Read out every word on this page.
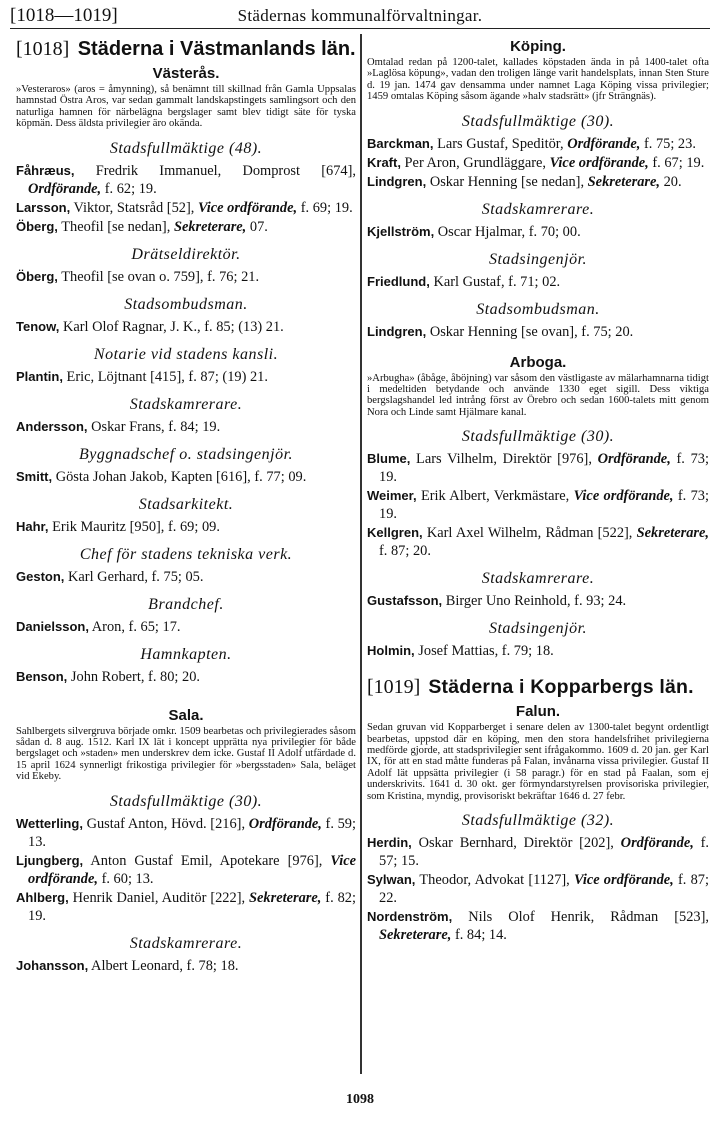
[1018—1019]	Städernas kommunalförvaltningar.
[1018] Städerna i Västmanlands län.
Västerås.
»Vesteraros» (aros = åmynning), så benämnt till skillnad från Gamla Uppsalas hamnstad Östra Aros, var sedan gammalt landskapstingets samlingsort och den naturliga hamnen för närbelägna bergslager samt blev tidigt säte för tyska köpmän. Dess äldsta privilegier äro okända.
Stadsfullmäktige (48).
Fåhræus, Fredrik Immanuel, Domprost [674], Ordförande, f. 62; 19.
Larsson, Viktor, Statsråd [52], Vice ordförande, f. 69; 19.
Öberg, Theofil [se nedan], Sekreterare, 07.
Drätseldirektör.
Öberg, Theofil [se ovan o. 759], f. 76; 21.
Stadsombudsman.
Tenow, Karl Olof Ragnar, J. K., f. 85; (13) 21.
Notarie vid stadens kansli.
Plantin, Eric, Löjtnant [415], f. 87; (19) 21.
Stadskamrerare.
Andersson, Oskar Frans, f. 84; 19.
Byggnadschef o. stadsingenjör.
Smitt, Gösta Johan Jakob, Kapten [616], f. 77; 09.
Stadsarkitekt.
Hahr, Erik Mauritz [950], f. 69; 09.
Chef för stadens tekniska verk.
Geston, Karl Gerhard, f. 75; 05.
Brandchef.
Danielsson, Aron, f. 65; 17.
Hamnkapten.
Benson, John Robert, f. 80; 20.
Sala.
Sahlbergets silvergruva började omkr. 1509 bearbetas och privilegierades såsom sådan d. 8 aug. 1512. Karl IX lät i koncept upprätta nya privilegier för både bergslaget och »staden» men underskrev dem icke. Gustaf II Adolf utfärdade d. 15 april 1624 synnerligt frikostiga privilegier för »bergsstaden» Sala, beläget vid Ekeby.
Stadsfullmäktige (30).
Wetterling, Gustaf Anton, Hövd. [216], Ordförande, f. 59; 13.
Ljungberg, Anton Gustaf Emil, Apotekare [976], Vice ordförande, f. 60; 13.
Ahlberg, Henrik Daniel, Auditör [222], Sekreterare, f. 82; 19.
Stadskamrerare.
Johansson, Albert Leonard, f. 78; 18.
Köping.
Omtalad redan på 1200-talet, kallades köpstaden ända in på 1400-talet ofta »Laglösa köpung», vadan den troligen länge varit handelsplats, innan Sten Sture d. 19 jan. 1474 gav densamma under namnet Laga Köping vissa privilegier; 1459 omtalas Köping såsom ägande »halv stadsrätt» (jfr Strängnäs).
Stadsfullmäktige (30).
Barckman, Lars Gustaf, Speditör, Ordförande, f. 75; 23.
Kraft, Per Aron, Grundläggare, Vice ordförande, f. 67; 19.
Lindgren, Oskar Henning [se nedan], Sekreterare, 20.
Stadskamrerare.
Kjellström, Oscar Hjalmar, f. 70; 00.
Stadsingenjör.
Friedlund, Karl Gustaf, f. 71; 02.
Stadsombudsman.
Lindgren, Oskar Henning [se ovan], f. 75; 20.
Arboga.
»Arbugha» (åbåge, åböjning) var såsom den västligaste av mälarhamnarna tidigt i medeltiden betydande och använde 1330 eget sigill. Dess viktiga bergslagshandel led intrång först av Örebro och sedan 1600-talets mitt genom Nora och Linde samt Hjälmare kanal.
Stadsfullmäktige (30).
Blume, Lars Vilhelm, Direktör [976], Ordförande, f. 73; 19.
Weimer, Erik Albert, Verkmästare, Vice ordförande, f. 73; 19.
Kellgren, Karl Axel Wilhelm, Rådman [522], Sekreterare, f. 87; 20.
Stadskamrerare.
Gustafsson, Birger Uno Reinhold, f. 93; 24.
Stadsingenjör.
Holmin, Josef Mattias, f. 79; 18.
[1019] Städerna i Kopparbergs län.
Falun.
Sedan gruvan vid Kopparberget i senare delen av 1300-talet begynt ordentligt bearbetas, uppstod där en köping, men den stora handelsfrihet privilegierna medförde gjorde, att stadsprivilegier sent ifrågakommo. 1609 d. 20 jan. ger Karl IX, för att en stad måtte funderas på Falan, invånarna vissa privilegier. Gustaf II Adolf lät uppsätta privilegier (i 58 paragr.) för en stad på Faalan, som ej underskrivits. 1641 d. 30 okt. ger förmyndarstyrelsen provisoriska privilegier, som Kristina, myndig, provisoriskt bekräftar 1646 d. 27 febr.
Stadsfullmäktige (32).
Herdin, Oskar Bernhard, Direktör [202], Ordförande, f. 57; 15.
Sylwan, Theodor, Advokat [1127], Vice ordförande, f. 87; 22.
Nordenström, Nils Olof Henrik, Rådman [523], Sekreterare, f. 84; 14.
1098
